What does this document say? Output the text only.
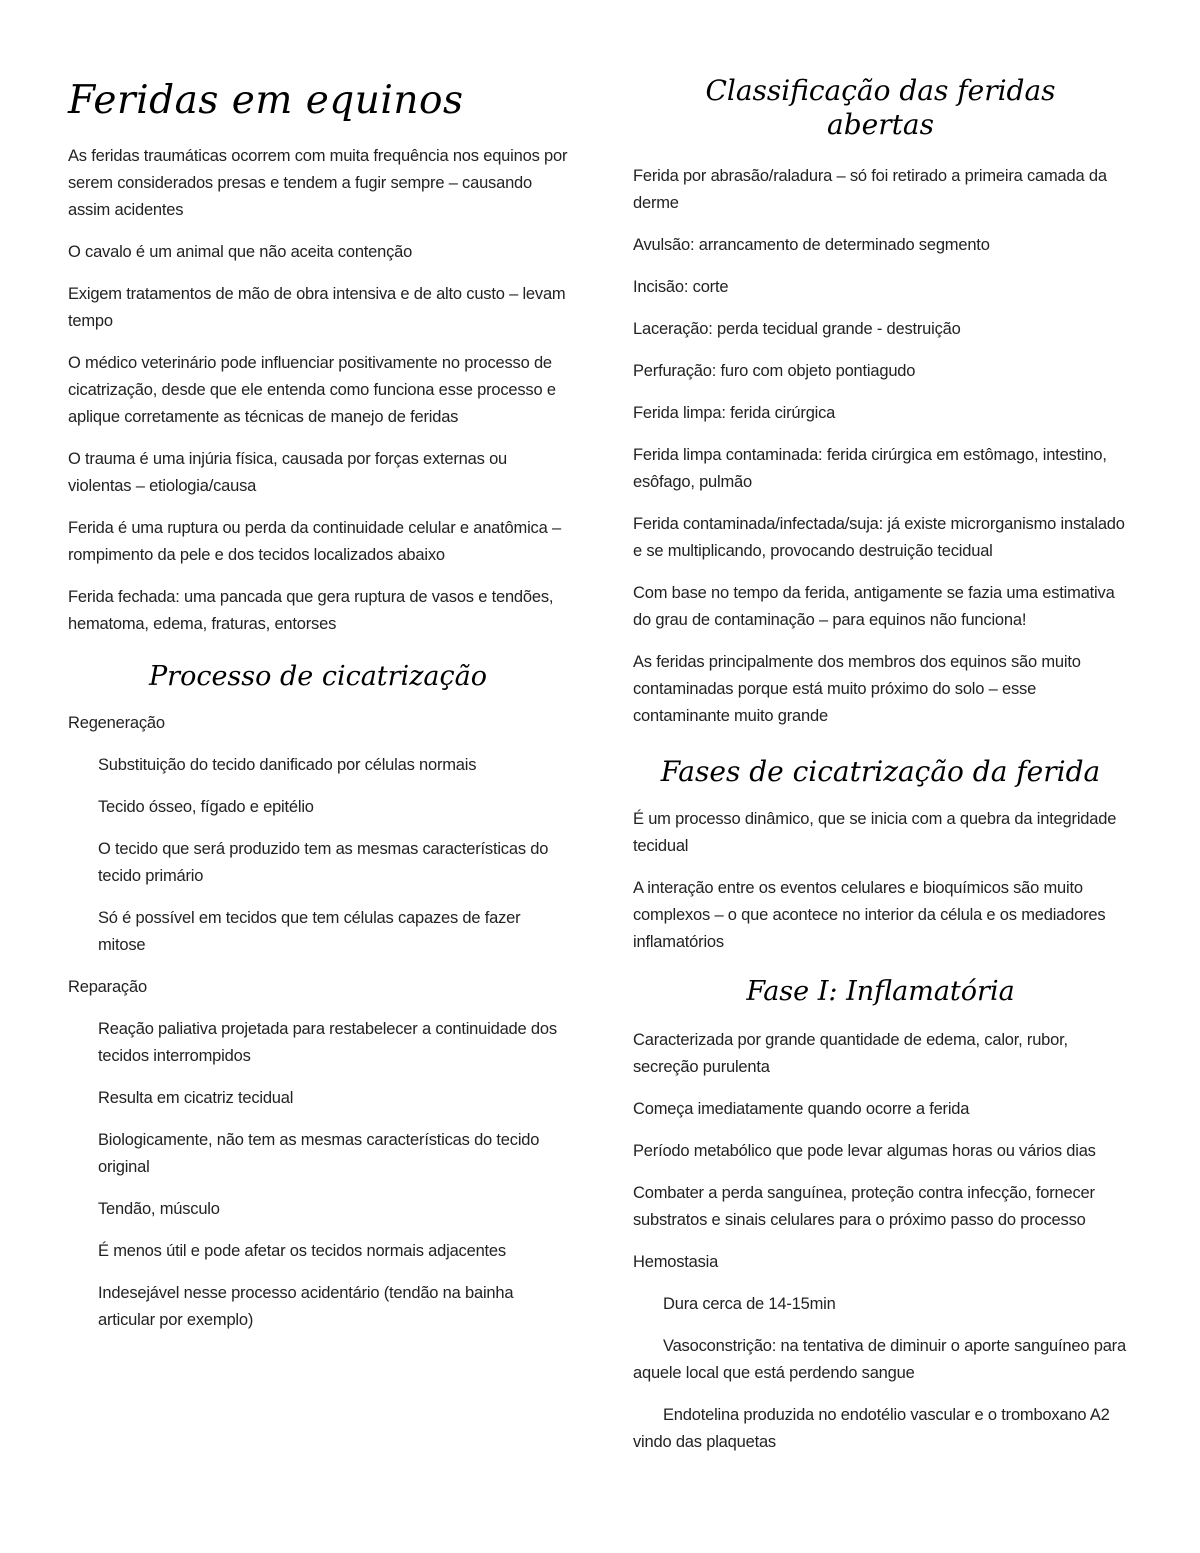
Feridas em equinos

As feridas traumáticas ocorrem com muita frequência nos equinos por serem considerados presas e tendem a fugir sempre – causando assim acidentes

O cavalo é um animal que não aceita contenção

Exigem tratamentos de mão de obra intensiva e de alto custo – levam tempo

O médico veterinário pode influenciar positivamente no processo de cicatrização, desde que ele entenda como funciona esse processo e aplique corretamente as técnicas de manejo de feridas

O trauma é uma injúria física, causada por forças externas ou violentas – etiologia/causa

Ferida é uma ruptura ou perda da continuidade celular e anatômica – rompimento da pele e dos tecidos localizados abaixo

Ferida fechada: uma pancada que gera ruptura de vasos e tendões, hematoma, edema, fraturas, entorses

Processo de cicatrização

Regeneração

Substituição do tecido danificado por células normais

Tecido ósseo, fígado e epitélio

O tecido que será produzido tem as mesmas características do tecido primário

Só é possível em tecidos que tem células capazes de fazer mitose

Reparação

Reação paliativa projetada para restabelecer a continuidade dos tecidos interrompidos

Resulta em cicatriz tecidual

Biologicamente, não tem as mesmas características do tecido original

Tendão, músculo

É menos útil e pode afetar os tecidos normais adjacentes

Indesejável nesse processo acidentário (tendão na bainha articular por exemplo)

Classificação das feridas abertas

Ferida por abrasão/raladura – só foi retirado a primeira camada da derme

Avulsão: arrancamento de determinado segmento

Incisão: corte

Laceração: perda tecidual grande - destruição

Perfuração: furo com objeto pontiagudo

Ferida limpa: ferida cirúrgica

Ferida limpa contaminada: ferida cirúrgica em estômago, intestino, esôfago, pulmão

Ferida contaminada/infectada/suja: já existe microrganismo instalado e se multiplicando, provocando destruição tecidual

Com base no tempo da ferida, antigamente se fazia uma estimativa do grau de contaminação – para equinos não funciona!

As feridas principalmente dos membros dos equinos são muito contaminadas porque está muito próximo do solo – esse contaminante muito grande

Fases de cicatrização da ferida

É um processo dinâmico, que se inicia com a quebra da integridade tecidual

A interação entre os eventos celulares e bioquímicos são muito complexos – o que acontece no interior da célula e os mediadores inflamatórios

Fase I: Inflamatória

Caracterizada por grande quantidade de edema, calor, rubor, secreção purulenta

Começa imediatamente quando ocorre a ferida

Período metabólico que pode levar algumas horas ou vários dias

Combater a perda sanguínea, proteção contra infecção, fornecer substratos e sinais celulares para o próximo passo do processo

Hemostasia

Dura cerca de 14-15min

Vasoconstrição: na tentativa de diminuir o aporte sanguíneo para aquele local que está perdendo sangue

Endotelina produzida no endotélio vascular e o tromboxano A2 vindo das plaquetas
